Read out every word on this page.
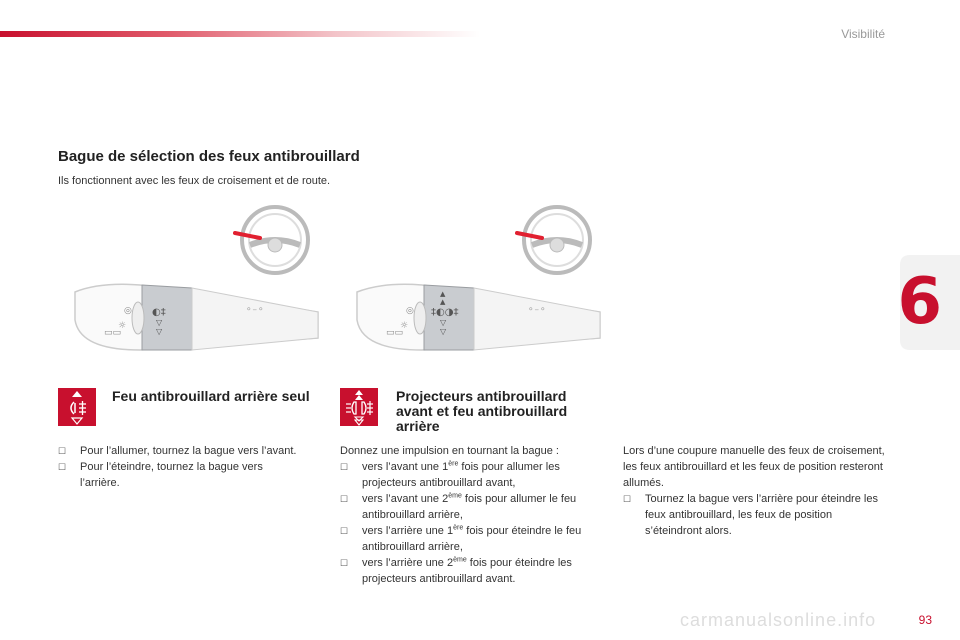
Visibilité
6
Bague de sélection des feux antibrouillard
Ils fonctionnent avec les feux de croisement et de route.
◎
☼
▭▭
◐‡
▽
▽
⚬–⚬	◎
☼
▭▭
▲
▲
‡◐◑‡
▽
▽
⚬–⚬
Feu antibrouillard arrière seul	Projecteurs antibrouillard avant et feu antibrouillard arrière
☐	Pour l’allumer, tournez la bague vers l’avant.
☐	Pour l’éteindre, tournez la bague vers l’arrière.

Donnez une impulsion en tournant la bague :

☐	vers l’avant une 1ère fois pour allumer les projecteurs antibrouillard avant,
☐	vers l’avant une 2ème fois pour allumer le feu antibrouillard arrière,
☐	vers l’arrière une 1ère fois pour éteindre le feu antibrouillard arrière,
☐	vers l’arrière une 2ème fois pour éteindre les projecteurs antibrouillard avant.

Lors d’une coupure manuelle des feux de croisement, les feux antibrouillard et les feux de position resteront allumés.

☐	Tournez la bague vers l’arrière pour éteindre les feux antibrouillard, les feux de position s’éteindront alors.
carmanualsonline.info	93
